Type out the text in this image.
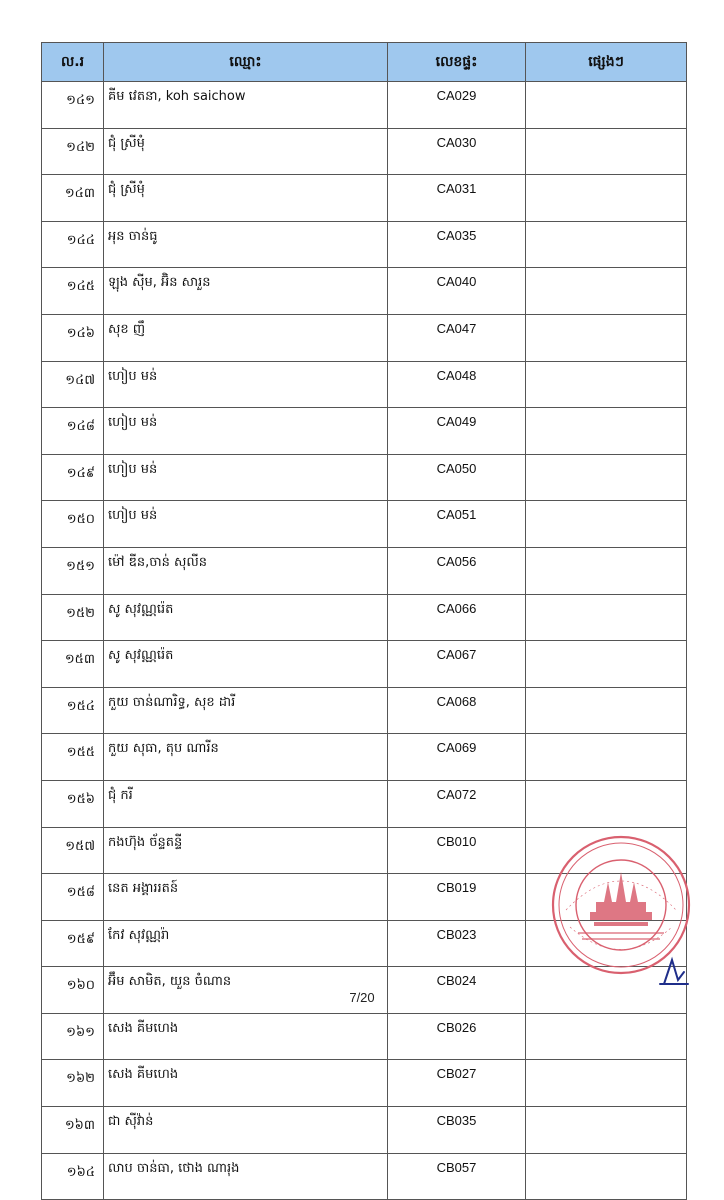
ល.រ	ឈ្មោះ	លេខផ្ទះ	ផ្សេងៗ
១៤១	គីម វេតនា, koh saichow	CA029	
១៤២	ជុំ ស្រីមុំ	CA030	
១៤៣	ជុំ ស្រីមុំ	CA031	
១៤៤	អុន ចាន់ធូ	CA035	
១៤៥	ឡុង ស៊ីម, អ៊ិន សារួន	CA040	
១៤៦	សុខ ញឹ	CA047	
១៤៧	ហៀប មន់	CA048	
១៤៨	ហៀប មន់	CA049	
១៤៩	ហៀប មន់	CA050	
១៥០	ហៀប មន់	CA051	
១៥១	ម៉ៅ ឌីន,ចាន់ សុលីន	CA056	
១៥២	សូ សុវណ្ណរ៉េត	CA066	
១៥៣	សូ សុវណ្ណរ៉េត	CA067	
១៥៤	កួយ ចាន់ណារិទ្ធ, សុខ ដារី	CA068	
១៥៥	កួយ សុធា, តុប ណារីន	CA069	
១៥៦	ជុំ ករី	CA072	
១៥៧	កងហ៊ុង ច័ន្ទតន្ទី	CB010	
១៥៨	នេត អង្គាររតន៍	CB019	
១៥៩	កែវ សុវណ្ណរ៉ា	CB023	
១៦០	អ៊ឹម សាមិត, យួន ចំណាន	CB024	
១៦១	សេង គីមហេង	CB026	
១៦២	សេង គីមហេង	CB027	
១៦៣	ជា ស៊ីវ៉ាន់	CB035	
១៦៤	លាប ចាន់ធា, ថោង ណារុង	CB057	
7/20
